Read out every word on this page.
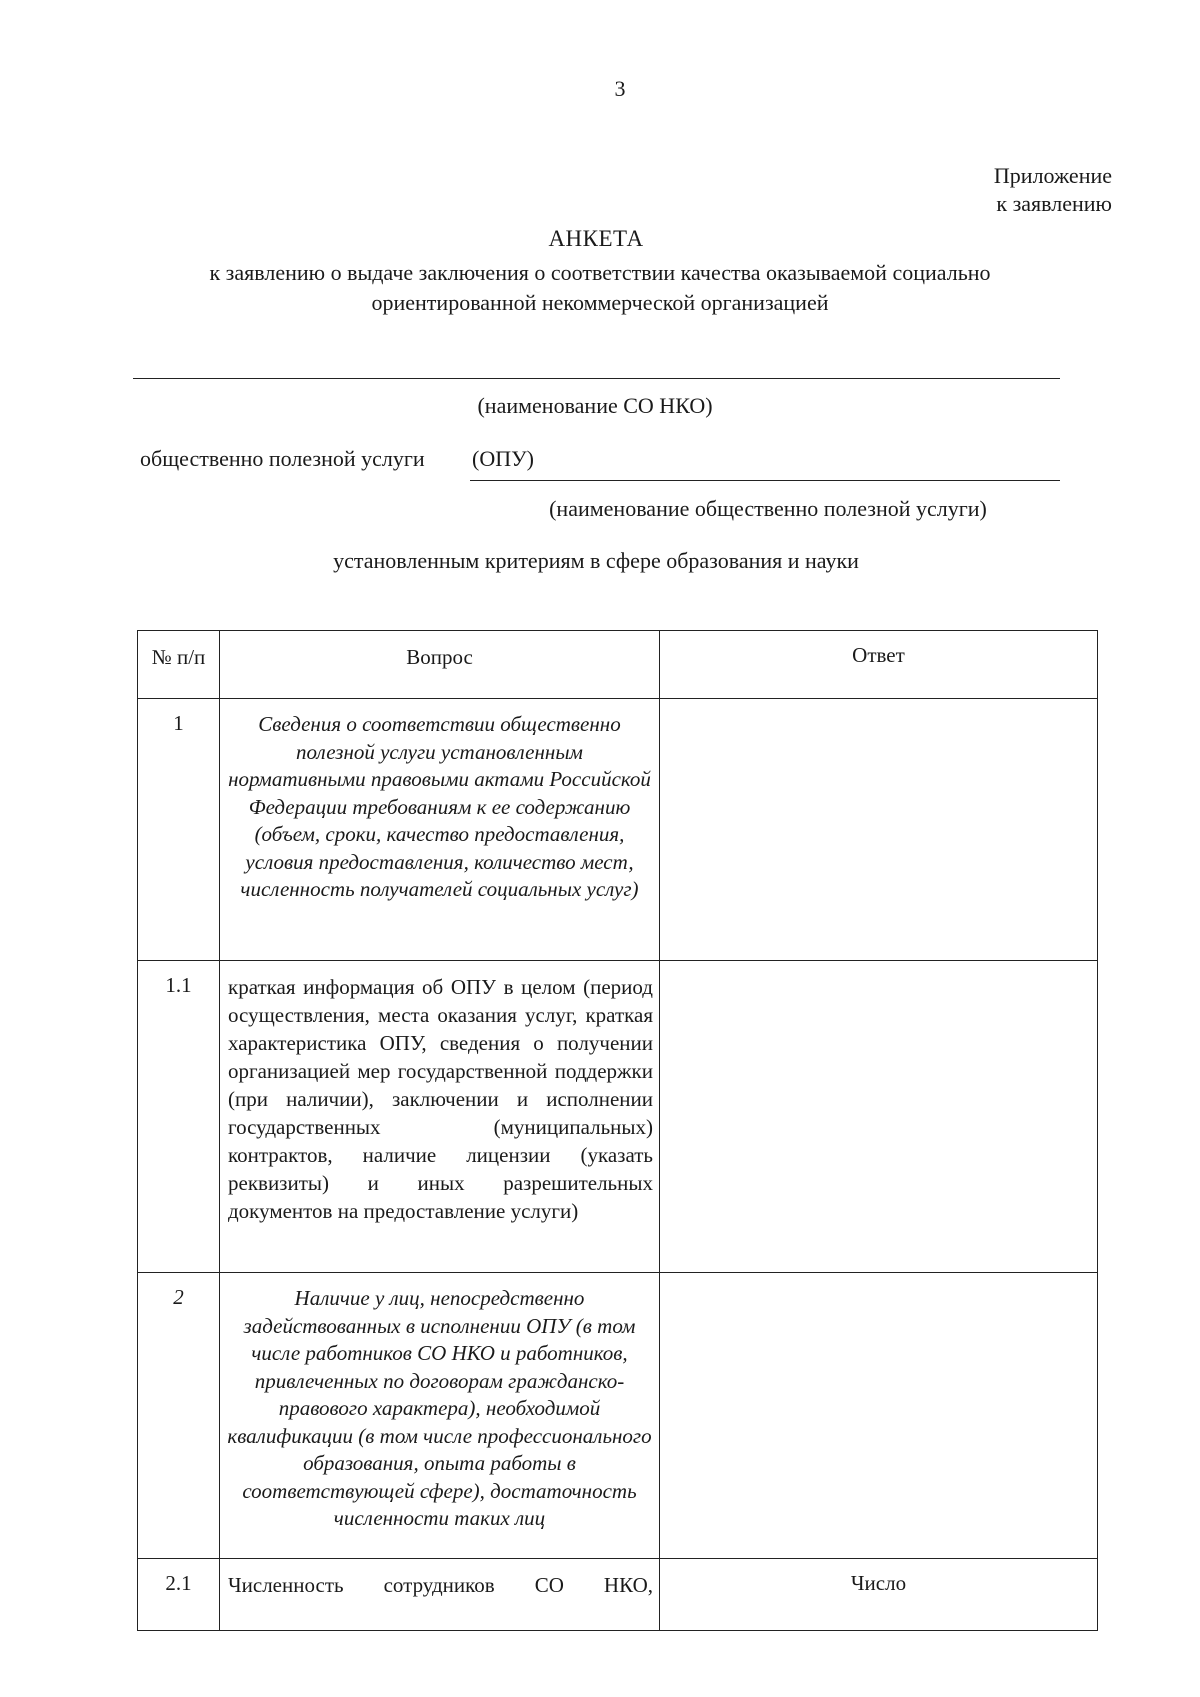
3
Приложение
к заявлению
АНКЕТА
к заявлению о выдаче заключения о соответствии качества оказываемой социально ориентированной некоммерческой организацией
(наименование СО НКО)
общественно полезной услуги (ОПУ)
(наименование общественно полезной услуги)
установленным критериям в сфере образования и науки
№ п/п	Вопрос	Ответ

1	Сведения о соответствии общественно полезной услуги установленным нормативными правовыми актами Российской Федерации требованиям к ее содержанию (объем, сроки, качество предоставления, условия предоставления, количество мест, численность получателей социальных услуг)	

1.1	краткая информация об ОПУ в целом (период осуществления, места оказания услуг, краткая характеристика ОПУ, сведения о получении организацией мер государственной поддержки (при наличии), заключении и исполнении государственных (муниципальных) контрактов, наличие лицензии (указать реквизиты) и иных разрешительных документов на предоставление услуги)	

2	Наличие у лиц, непосредственно задействованных в исполнении ОПУ (в том числе работников СО НКО и работников, привлеченных по договорам гражданско-правового характера), необходимой квалификации (в том числе профессионального образования, опыта работы в соответствующей сфере), достаточность численности таких лиц	

2.1	Численность сотрудников СО НКО,	Число
